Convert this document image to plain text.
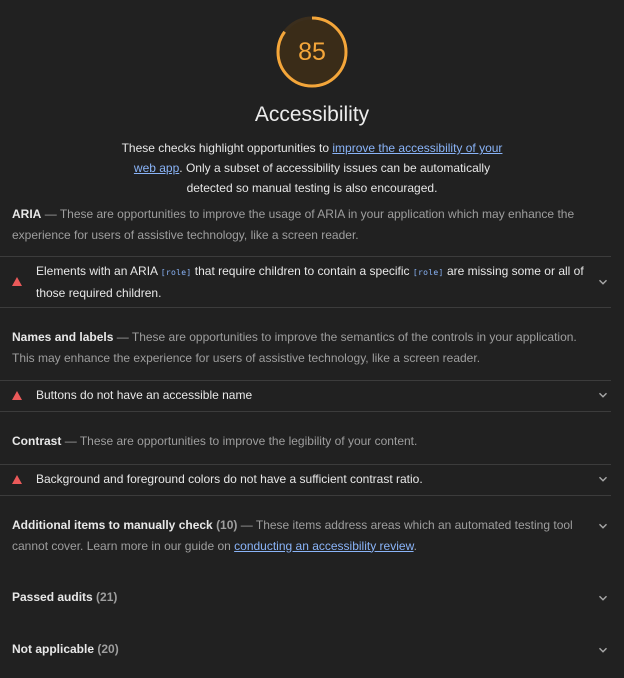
85
Accessibility
These checks highlight opportunities to improve the accessibility of your web app. Only a subset of accessibility issues can be automatically detected so manual testing is also encouraged.
ARIA — These are opportunities to improve the usage of ARIA in your application which may enhance the experience for users of assistive technology, like a screen reader.
Elements with an ARIA [role] that require children to contain a specific [role] are missing some or all of those required children.
Names and labels — These are opportunities to improve the semantics of the controls in your application. This may enhance the experience for users of assistive technology, like a screen reader.
Buttons do not have an accessible name
Contrast — These are opportunities to improve the legibility of your content.
Background and foreground colors do not have a sufficient contrast ratio.
Additional items to manually check (10) — These items address areas which an automated testing tool cannot cover. Learn more in our guide on conducting an accessibility review.
Passed audits (21)
Not applicable (20)
